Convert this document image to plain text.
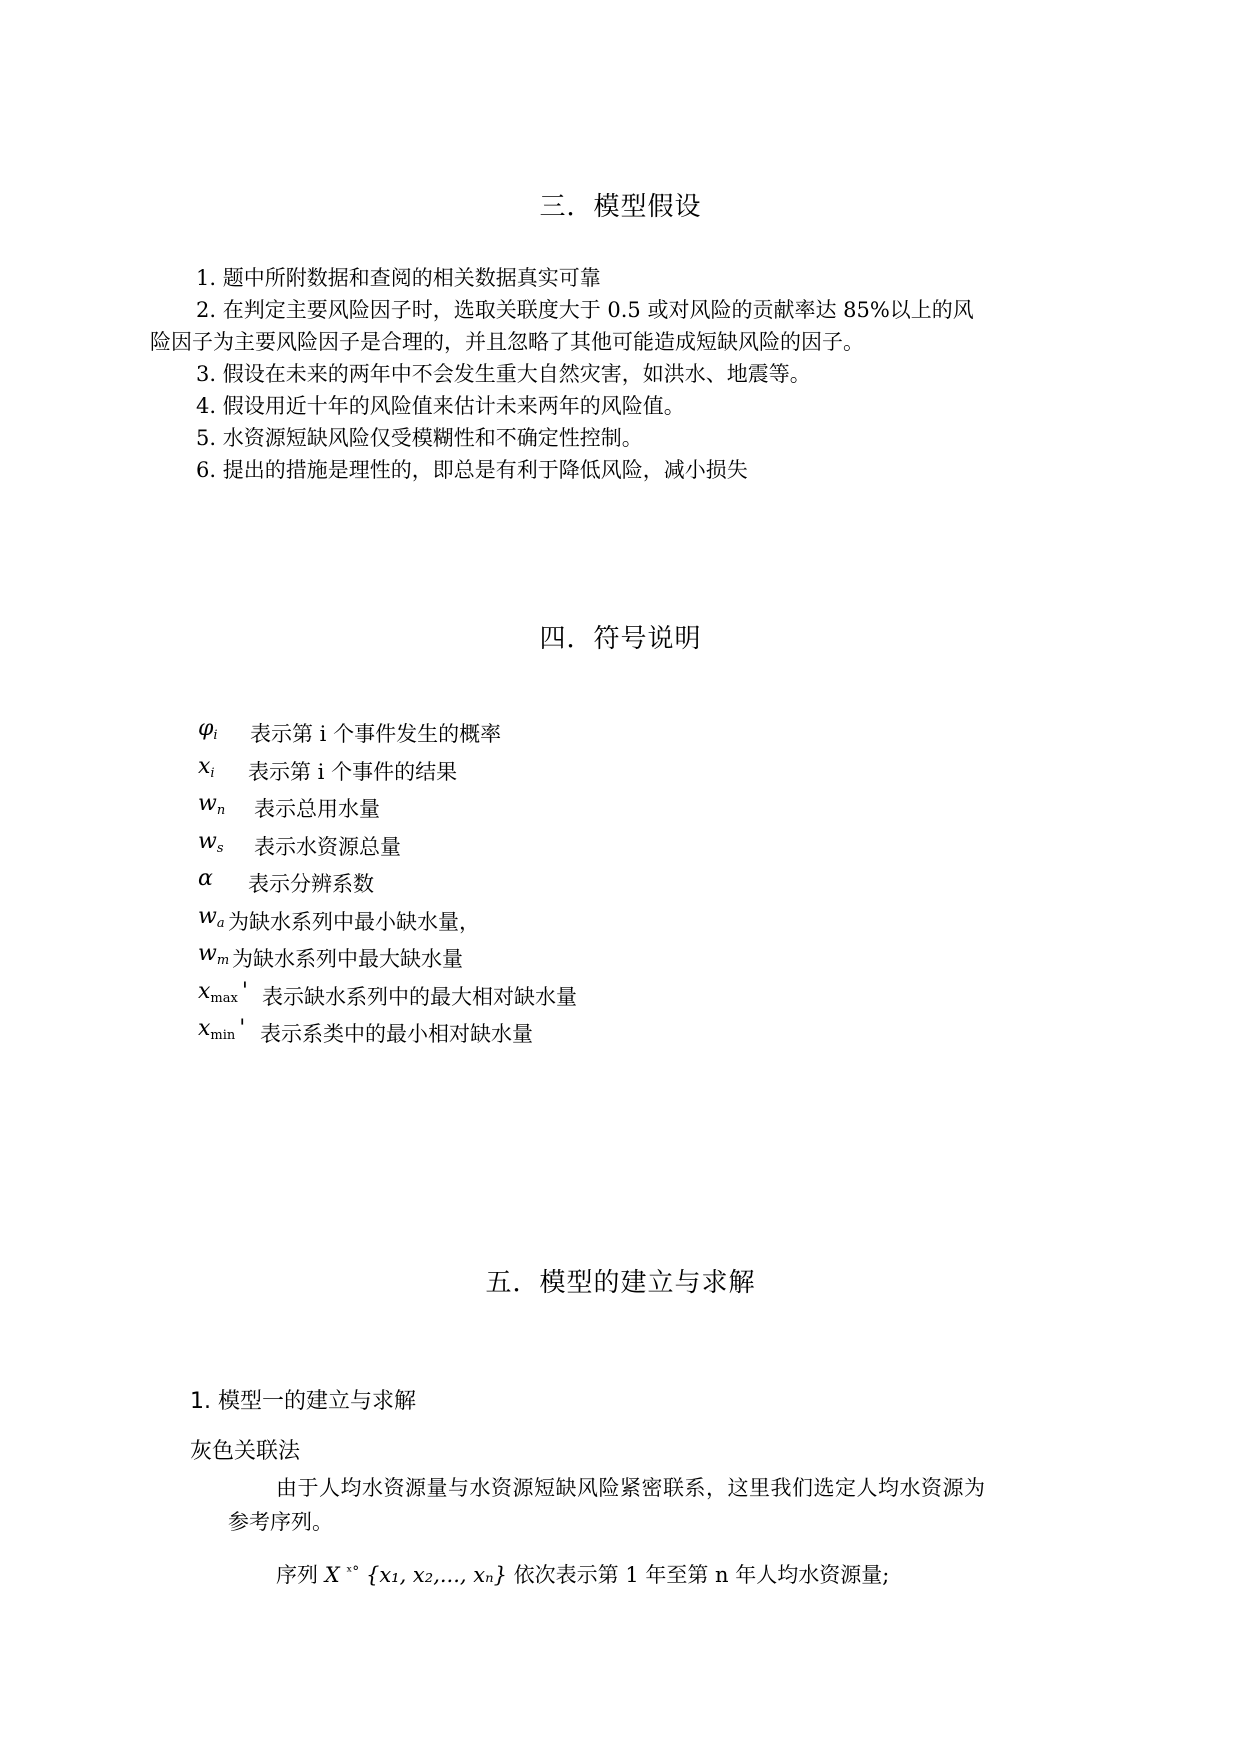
三．模型假设
1. 题中所附数据和查阅的相关数据真实可靠
2. 在判定主要风险因子时，选取关联度大于 0.5 或对风险的贡献率达 85%以上的风
险因子为主要风险因子是合理的，并且忽略了其他可能造成短缺风险的因子。
3. 假设在未来的两年中不会发生重大自然灾害，如洪水、地震等。
4. 假设用近十年的风险值来估计未来两年的风险值。
5. 水资源短缺风险仅受模糊性和不确定性控制。
6. 提出的措施是理性的，即总是有利于降低风险，减小损失
四．符号说明
$\varphi_i$ 表示第 i 个事件发生的概率
$x_i$ 表示第 i 个事件的结果
$w_n$ 表示总用水量
$w_s$ 表示水资源总量
α 表示分辨系数
$w_a$ 为缺水系列中最小缺水量，
$w_m$ 为缺水系列中最大缺水量
$x_{max}$ ' 表示缺水系列中的最大相对缺水量
$x_{min}$ ' 表示系类中的最小相对缺水量
五．模型的建立与求解
1. 模型一的建立与求解
灰色关联法
由于人均水资源量与水资源短缺风险紧密联系，这里我们选定人均水资源为
参考序列。
序列 X $^{ˣ^\circ}$ {x₁, x₂,..., xₙ} 依次表示第 1 年至第 n 年人均水资源量;
